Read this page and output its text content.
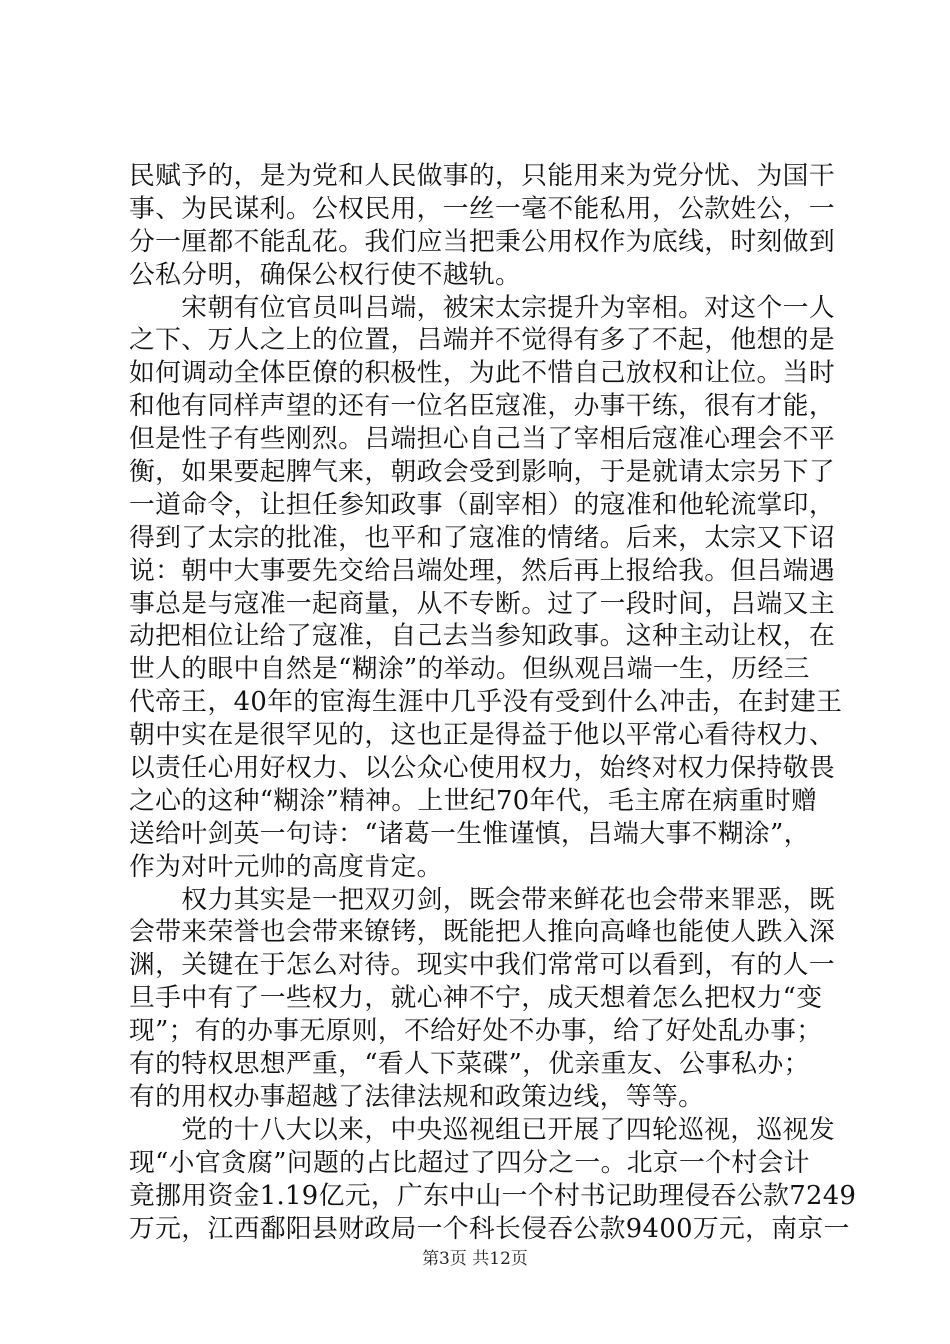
民赋予的，是为党和人民做事的，只能用来为党分忧、为国干
事、为民谋利。公权民用，一丝一毫不能私用，公款姓公，一
分一厘都不能乱花。我们应当把秉公用权作为底线，时刻做到
公私分明，确保公权行使不越轨。
　　宋朝有位官员叫吕端，被宋太宗提升为宰相。对这个一人
之下、万人之上的位置，吕端并不觉得有多了不起，他想的是
如何调动全体臣僚的积极性，为此不惜自己放权和让位。当时
和他有同样声望的还有一位名臣寇准，办事干练，很有才能，
但是性子有些刚烈。吕端担心自己当了宰相后寇准心理会不平
衡，如果要起脾气来，朝政会受到影响，于是就请太宗另下了
一道命令，让担任参知政事（副宰相）的寇准和他轮流掌印，
得到了太宗的批准，也平和了寇准的情绪。后来，太宗又下诏
说：朝中大事要先交给吕端处理，然后再上报给我。但吕端遇
事总是与寇准一起商量，从不专断。过了一段时间，吕端又主
动把相位让给了寇准，自己去当参知政事。这种主动让权，在
世人的眼中自然是“糊涂”的举动。但纵观吕端一生，历经三
代帝王，40年的宦海生涯中几乎没有受到什么冲击，在封建王
朝中实在是很罕见的，这也正是得益于他以平常心看待权力、
以责任心用好权力、以公众心使用权力，始终对权力保持敬畏
之心的这种“糊涂”精神。上世纪70年代，毛主席在病重时赠
送给叶剑英一句诗：“诸葛一生惟谨慎，吕端大事不糊涂”，
作为对叶元帅的高度肯定。
　　权力其实是一把双刃剑，既会带来鲜花也会带来罪恶，既
会带来荣誉也会带来镣铐，既能把人推向高峰也能使人跌入深
渊，关键在于怎么对待。现实中我们常常可以看到，有的人一
旦手中有了一些权力，就心神不宁，成天想着怎么把权力“变
现”；有的办事无原则，不给好处不办事，给了好处乱办事；
有的特权思想严重，“看人下菜碟”，优亲重友、公事私办；
有的用权办事超越了法律法规和政策边线，等等。
　　党的十八大以来，中央巡视组已开展了四轮巡视，巡视发
现“小官贪腐”问题的占比超过了四分之一。北京一个村会计
竟挪用资金1.19亿元，广东中山一个村书记助理侵吞公款7249
万元，江西鄱阳县财政局一个科长侵吞公款9400万元，南京一
第3页 共12页
